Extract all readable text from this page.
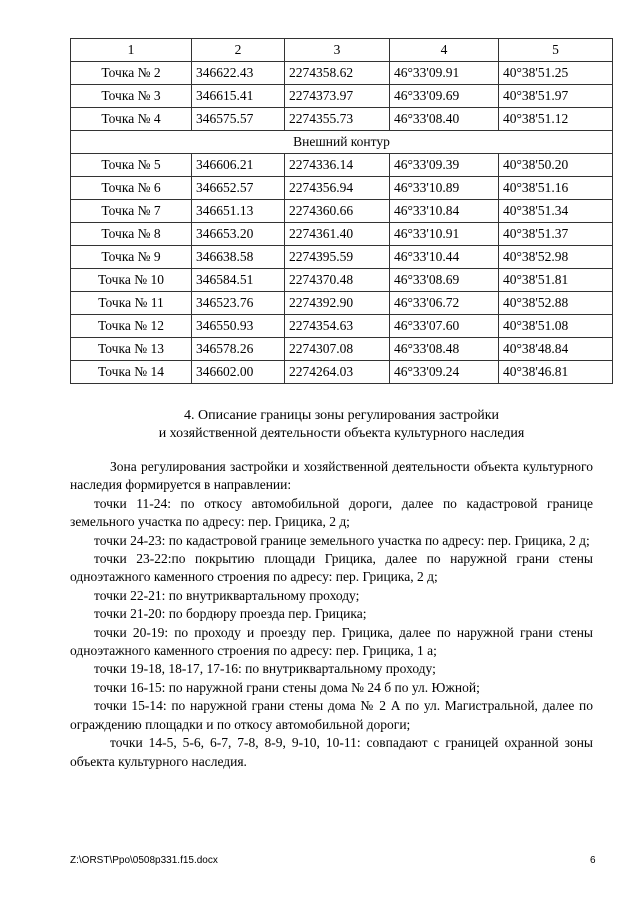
1	2	3	4	5
Точка № 2	346622.43	2274358.62	46°33'09.91	40°38'51.25
Точка № 3	346615.41	2274373.97	46°33'09.69	40°38'51.97
Точка № 4	346575.57	2274355.73	46°33'08.40	40°38'51.12
Внешний контур				
Точка № 5	346606.21	2274336.14	46°33'09.39	40°38'50.20
Точка № 6	346652.57	2274356.94	46°33'10.89	40°38'51.16
Точка № 7	346651.13	2274360.66	46°33'10.84	40°38'51.34
Точка № 8	346653.20	2274361.40	46°33'10.91	40°38'51.37
Точка № 9	346638.58	2274395.59	46°33'10.44	40°38'52.98
Точка № 10	346584.51	2274370.48	46°33'08.69	40°38'51.81
Точка № 11	346523.76	2274392.90	46°33'06.72	40°38'52.88
Точка № 12	346550.93	2274354.63	46°33'07.60	40°38'51.08
Точка № 13	346578.26	2274307.08	46°33'08.48	40°38'48.84
Точка № 14	346602.00	2274264.03	46°33'09.24	40°38'46.81
4. Описание границы зоны регулирования застройки
и хозяйственной деятельности объекта культурного наследия

Зона регулирования застройки и хозяйственной деятельности объекта культурного наследия формируется в направлении:

точки 11-24: по откосу автомобильной дороги, далее по кадастровой границе земельного участка по адресу: пер. Грицика, 2 д;

точки 24-23: по кадастровой границе земельного участка по адресу: пер. Грицика, 2 д;

точки 23-22:по покрытию площади Грицика, далее по наружной грани стены одноэтажного каменного строения по адресу: пер. Грицика, 2 д;

точки 22-21: по внутриквартальному проходу;

точки 21-20: по бордюру проезда пер. Грицика;

точки 20-19: по проходу и проезду пер. Грицика, далее по наружной грани стены одноэтажного каменного строения по адресу: пер. Грицика, 1 а;

точки 19-18, 18-17, 17-16: по внутриквартальному проходу;

точки 16-15: по наружной грани стены дома № 24 б по ул. Южной;

точки 15-14: по наружной грани стены дома № 2 А по ул. Магистральной, далее по ограждению площадки и по откосу автомобильной дороги;

точки 14-5, 5-6, 6-7, 7-8, 8-9, 9-10, 10-11: совпадают с границей охранной зоны объекта культурного наследия.

Z:\ORST\Ppo\0508p331.f15.docx	6
